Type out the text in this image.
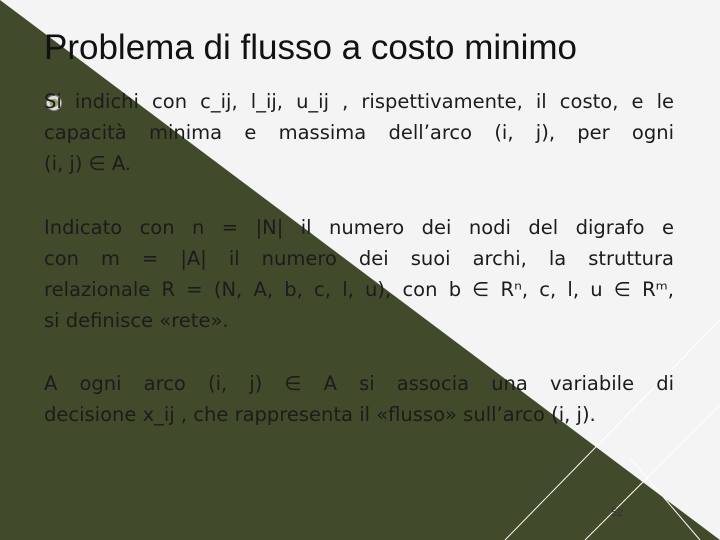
Problema di flusso a costo minimo
Si indichi con c_ij, l_ij, u_ij , rispettivamente, il costo, e le
capacità minima e massima dell’arco (i, j), per ogni
(i, j) ∈ A.
Indicato con n = |N| il numero dei nodi del digrafo e
con m = |A| il numero dei suoi archi, la struttura
relazionale R = (N, A, b, c, l, u), con b ∈ Rⁿ, c, l, u ∈ Rᵐ,
si definisce «rete».
A ogni arco (i, j) ∈ A si associa una variabile di
decisione x_ij , che rappresenta il «flusso» sull’arco (i, j).
52
